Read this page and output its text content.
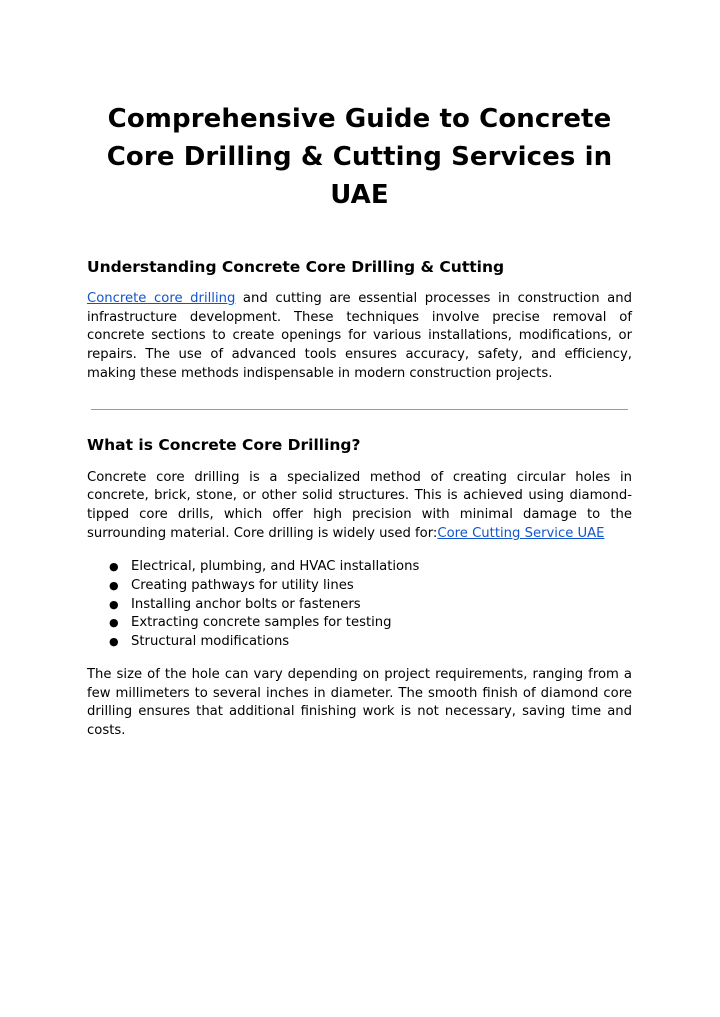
Comprehensive Guide to Concrete Core Drilling & Cutting Services in UAE
Understanding Concrete Core Drilling & Cutting

Concrete core drilling and cutting are essential processes in construction and infrastructure development. These techniques involve precise removal of concrete sections to create openings for various installations, modifications, or repairs. The use of advanced tools ensures accuracy, safety, and efficiency, making these methods indispensable in modern construction projects.

What is Concrete Core Drilling?

Concrete core drilling is a specialized method of creating circular holes in concrete, brick, stone, or other solid structures. This is achieved using diamond-tipped core drills, which offer high precision with minimal damage to the surrounding material. Core drilling is widely used for:Core Cutting Service UAE

● Electrical, plumbing, and HVAC installations
● Creating pathways for utility lines
● Installing anchor bolts or fasteners
● Extracting concrete samples for testing
● Structural modifications

The size of the hole can vary depending on project requirements, ranging from a few millimeters to several inches in diameter. The smooth finish of diamond core drilling ensures that additional finishing work is not necessary, saving time and costs.
